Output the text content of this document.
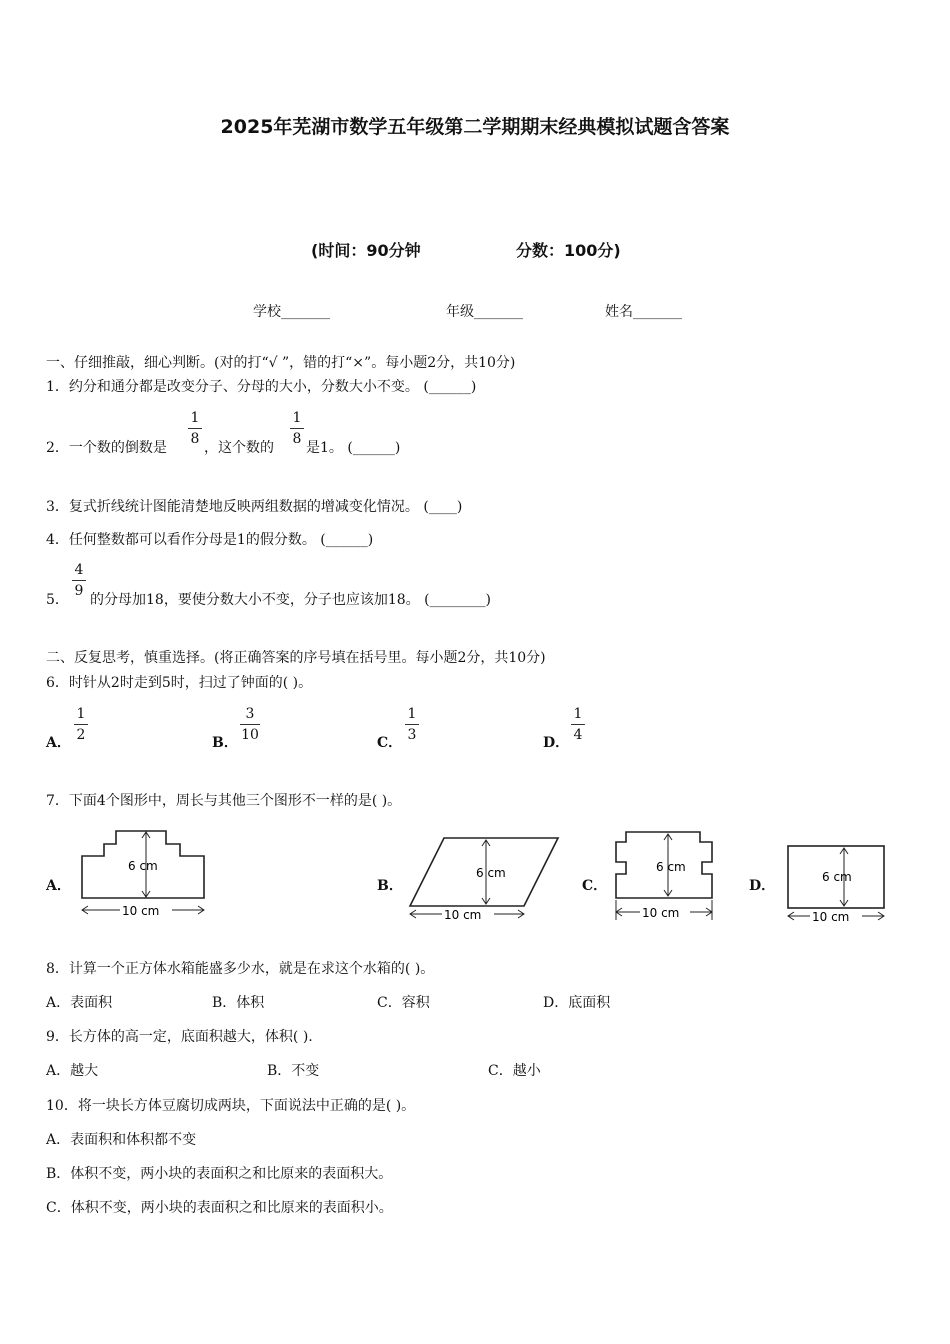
2025年芜湖市数学五年级第二学期期末经典模拟试题含答案
(时间：90分钟	分数：100分)
学校_______	年级_______	姓名_______
一、仔细推敲，细心判断。(对的打“√ ”，错的打“×”。每小题2分，共10分)
1．约分和通分都是改变分子、分母的大小，分数大小不变。 (______)
2．一个数的倒数是
1
8
，这个数的
1
8
是1。 (______)
3．复式折线统计图能清楚地反映两组数据的增减变化情况。 (____)
4．任何整数都可以看作分母是1的假分数。 (______)
5．
4
9
的分母加18，要使分数大小不变，分子也应该加18。 (________)
二、反复思考，慎重选择。(将正确答案的序号填在括号里。每小题2分，共10分)
6．时针从2时走到5时，扫过了钟面的( )。
A．
1
2	B．
3
10	C．
1
3	D．
1
4
7．下面4个图形中，周长与其他三个图形不一样的是( )。
A．	B．	C．	D．
6 cm
10 cm
6 cm
10 cm
6 cm
10 cm
6 cm
10 cm
8．计算一个正方体水箱能盛多少水，就是在求这个水箱的( )。
A．表面积	B．体积	C．容积	D．底面积
9．长方体的高一定，底面积越大，体积( ).
A．越大	B．不变	C．越小
10．将一块长方体豆腐切成两块，下面说法中正确的是( )。
A．表面积和体积都不变
B．体积不变，两小块的表面积之和比原来的表面积大。
C．体积不变，两小块的表面积之和比原来的表面积小。
